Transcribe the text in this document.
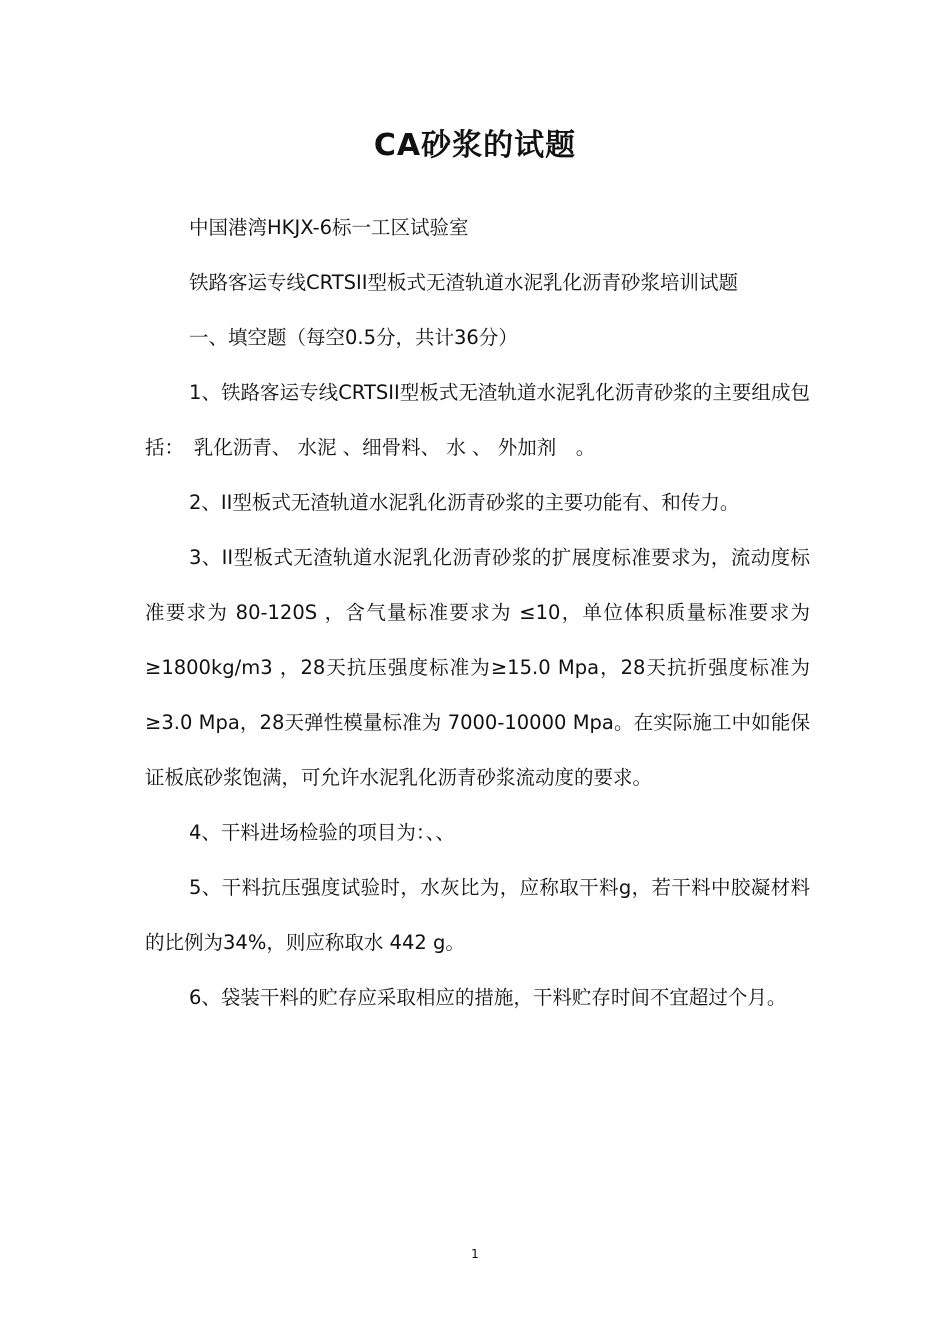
CA砂浆的试题

中国港湾HKJX-6标一工区试验室

铁路客运专线CRTSII型板式无渣轨道水泥乳化沥青砂浆培训试题

一、填空题（每空0.5分，共计36分）

1、铁路客运专线CRTSII型板式无渣轨道水泥乳化沥青砂浆的主要组成包括：　乳化沥青、 水泥 、细骨料、 水 、 外加剂　。

2、II型板式无渣轨道水泥乳化沥青砂浆的主要功能有、和传力。

3、II型板式无渣轨道水泥乳化沥青砂浆的扩展度标准要求为，流动度标准要求为 80-120S ，含气量标准要求为 ≤10，单位体积质量标准要求为 ≥1800kg/m3 ，28天抗压强度标准为≥15.0 Mpa，28天抗折强度标准为≥3.0 Mpa，28天弹性模量标准为 7000-10000 Mpa。在实际施工中如能保证板底砂浆饱满，可允许水泥乳化沥青砂浆流动度的要求。

4、干料进场检验的项目为：、、

5、干料抗压强度试验时，水灰比为，应称取干料g，若干料中胶凝材料的比例为34%，则应称取水 442 g。

6、袋装干料的贮存应采取相应的措施，干料贮存时间不宜超过个月。

1
